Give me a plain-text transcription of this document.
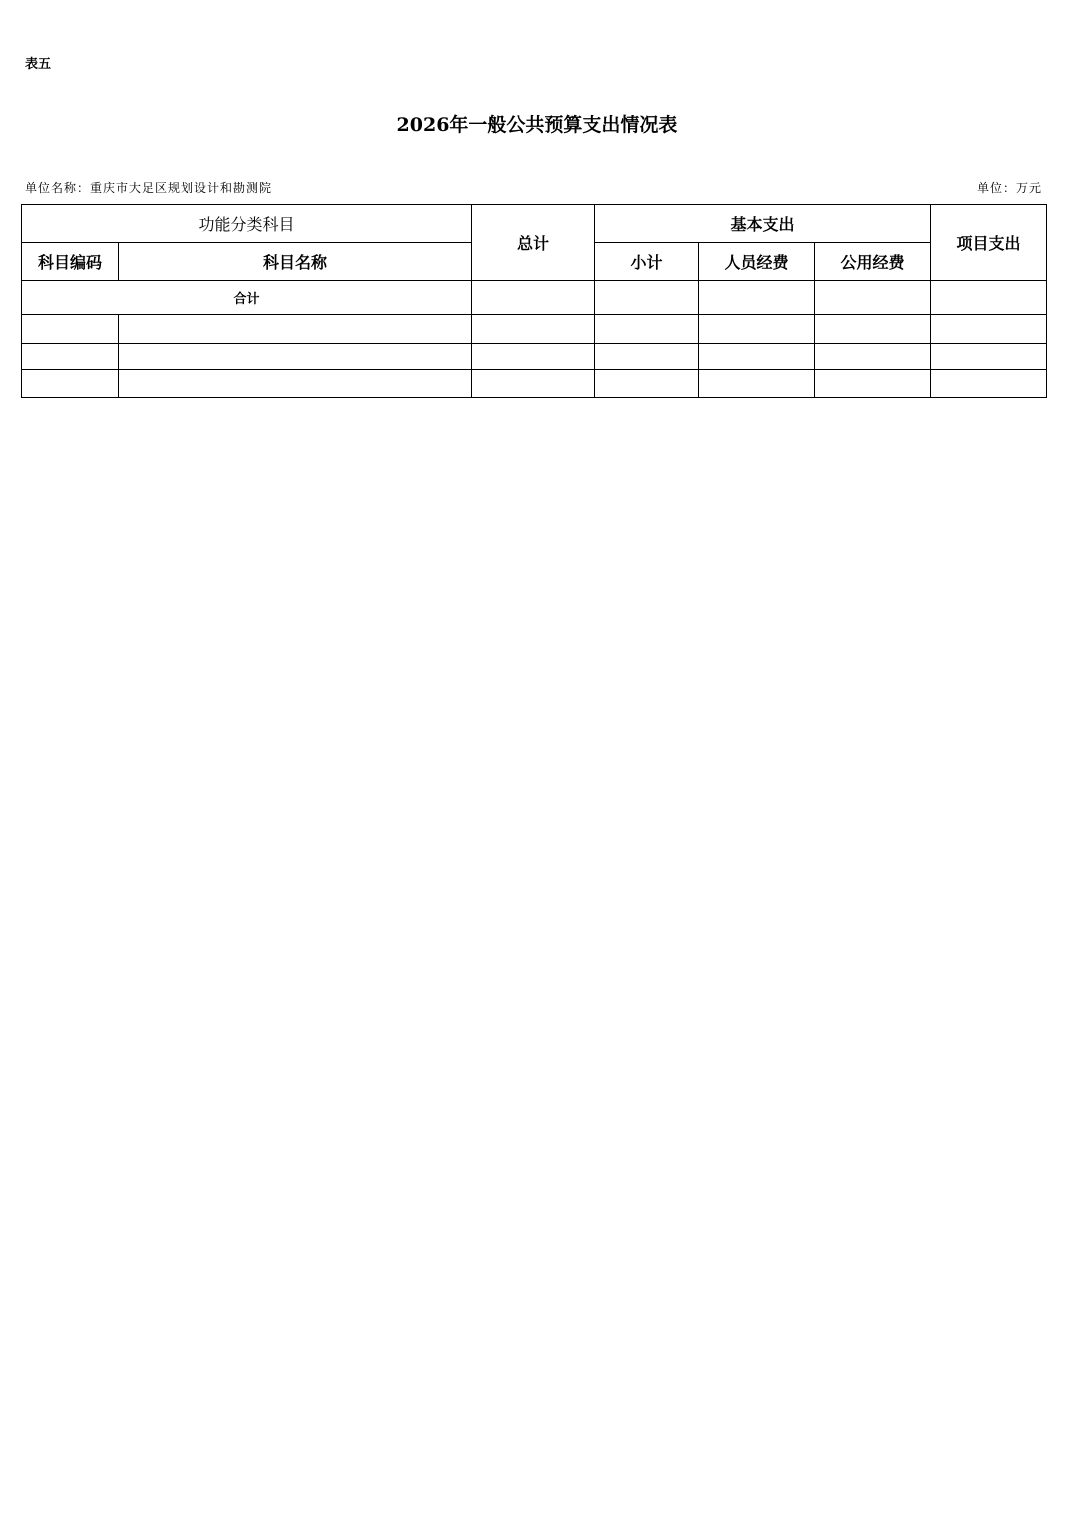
表五
2026年一般公共预算支出情况表
单位名称：重庆市大足区规划设计和勘测院	单位：万元
功能分类科目		总计	基本支出			项目支出
科目编码	科目名称		小计	人员经费	公用经费	
合计						
